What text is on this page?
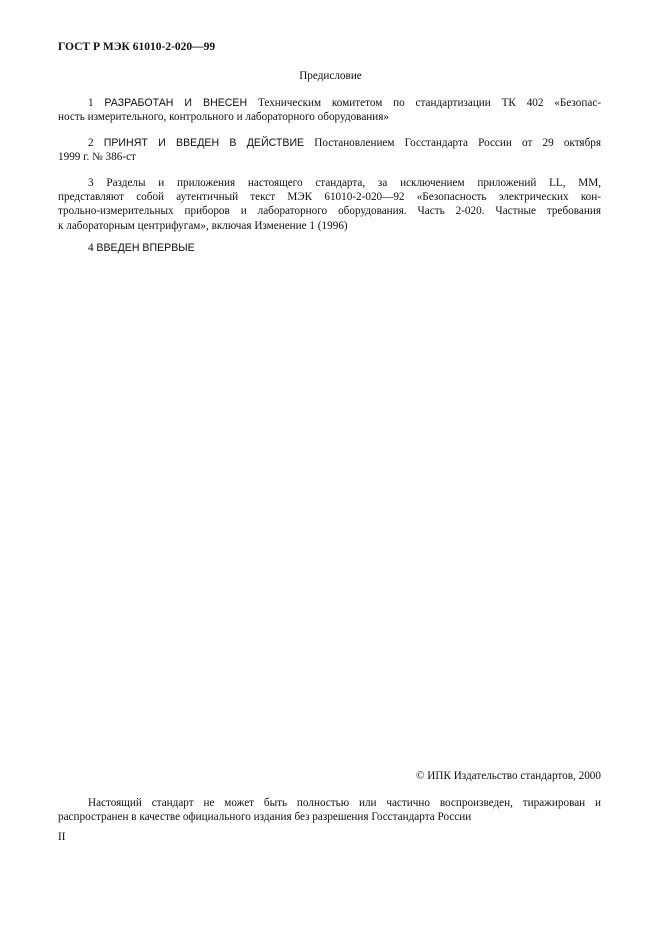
ГОСТ Р МЭК 61010-2-020—99
Предисловие
1 РАЗРАБОТАН И ВНЕСЕН Техническим комитетом по стандартизации ТК 402 «Безопас-
ность измерительного, контрольного и лабораторного оборудования»
2 ПРИНЯТ И ВВЕДЕН В ДЕЙСТВИЕ Постановлением Госстандарта России от 29 октября
1999 г. № 386-ст
3 Разделы и приложения настоящего стандарта, за исключением приложений LL, MM,
представляют собой аутентичный текст МЭК 61010-2-020—92 «Безопасность электрических кон-
трольно-измерительных приборов и лабораторного оборудования. Часть 2-020. Частные требования
к лабораторным центрифугам», включая Изменение 1 (1996)
4 ВВЕДЕН ВПЕРВЫЕ
© ИПК Издательство стандартов, 2000
Настоящий стандарт не может быть полностью или частично воспроизведен, тиражирован и
распространен в качестве официального издания без разрешения Госстандарта России
II
